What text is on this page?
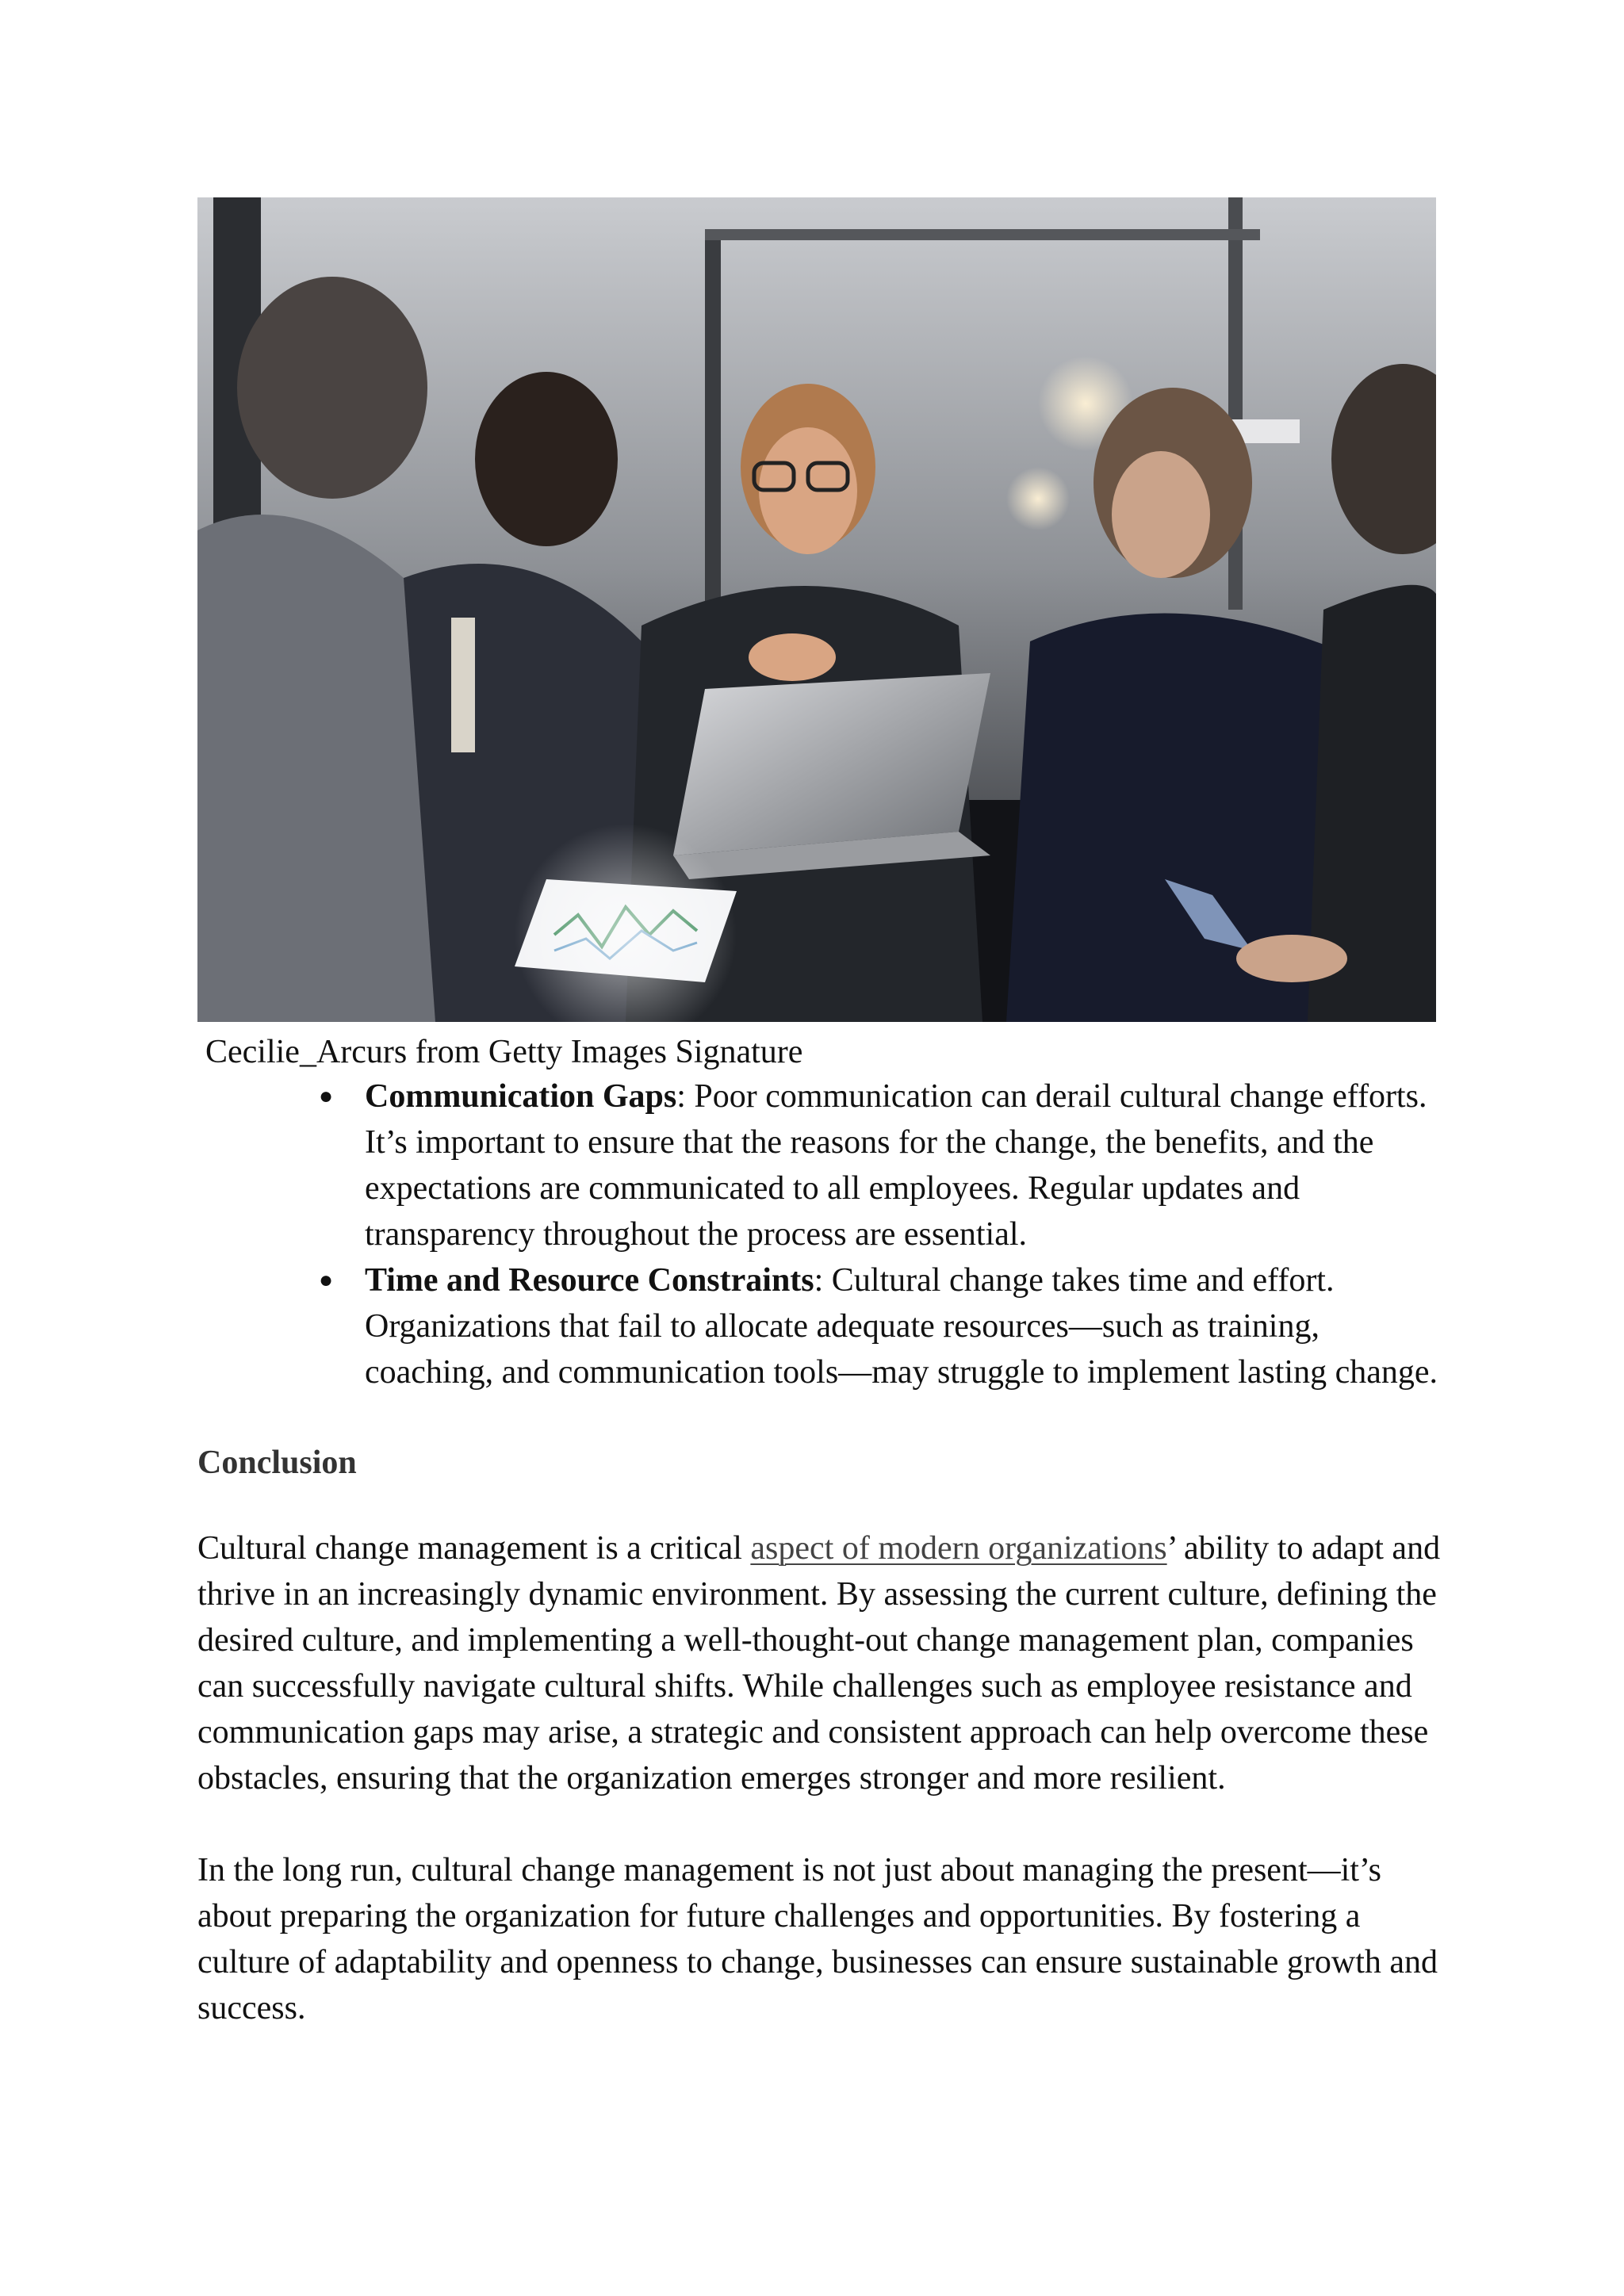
Cecilie_Arcurs from Getty Images Signature
● Communication Gaps: Poor communication can derail cultural change efforts. It’s important to ensure that the reasons for the change, the benefits, and the expectations are communicated to all employees. Regular updates and transparency throughout the process are essential.
● Time and Resource Constraints: Cultural change takes time and effort. Organizations that fail to allocate adequate resources—such as training, coaching, and communication tools—may struggle to implement lasting change.
Conclusion

Cultural change management is a critical aspect of modern organizations’ ability to adapt and thrive in an increasingly dynamic environment. By assessing the current culture, defining the desired culture, and implementing a well-thought-out change management plan, companies can successfully navigate cultural shifts. While challenges such as employee resistance and communication gaps may arise, a strategic and consistent approach can help overcome these obstacles, ensuring that the organization emerges stronger and more resilient.

In the long run, cultural change management is not just about managing the present—it’s about preparing the organization for future challenges and opportunities. By fostering a culture of adaptability and openness to change, businesses can ensure sustainable growth and success.
